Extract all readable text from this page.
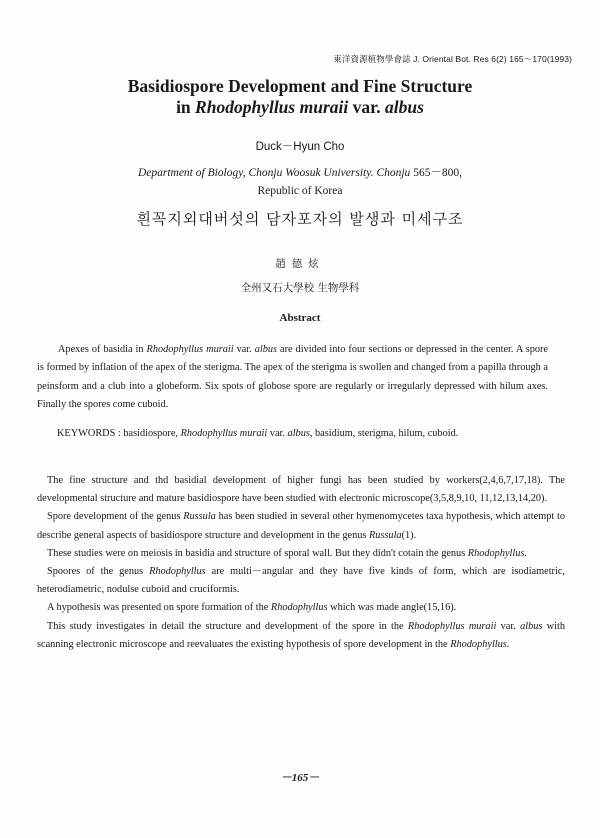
東洋資源植物學會誌 J. Oriental Bot. Res 6(2) 165～170(1993)
Basidiospore Development and Fine Structure
in Rhodophyllus muraii var. albus
Duck－Hyun Cho
Department of Biology, Chonju Woosuk University. Chonju 565－800,
Republic of Korea
흰꼭지외대버섯의 담자포자의 발생과 미세구조
趙德炫
全州又石大學校 生物學科
Abstract

Apexes of basidia in Rhodophyllus muraii var. albus are divided into four sections or depressed in the center. A spore is formed by inflation of the apex of the sterigma. The apex of the sterigma is swollen and changed from a papilla through a peinsform and a club into a globeform. Six spots of globose spore are regularly or irregularly depressed with hilum axes. Finally the spores come cuboid.

KEYWORDS : basidiospore, Rhodophyllus muraii var. albus, basidium, sterigma, hilum, cuboid.

The fine structure and thd basidial development of higher fungi has been studied by workers(2,4,6,7,17,18). The developmental structure and mature basidiospore have been studied with electronic microscope(3,5,8,9,10, 11,12,13,14,20).

Spore development of the genus Russula has been studied in several other hymenomycetes taxa hypothesis, which attempt to describe general aspects of basidiospore structure and development in the genus Russula(1).

These studies were on meiosis in basidia and structure of sporal wall. But they didn't cotain the genus Rhodophyllus.

Spoores of the genus Rhodophyllus are multi－angular and they have five kinds of form, which are isodiametric, heterodiametric, nodulse cuboid and cruciformis.

A hypothesis was presented on spore formation of the Rhodophyllus which was made angle(15,16).

This study investigates in detail the structure and development of the spore in the Rhodophyllus muraii var. albus with scanning electronic microscope and reevaluates the existing hypothesis of spore development in the Rhodophyllus.

－165－
